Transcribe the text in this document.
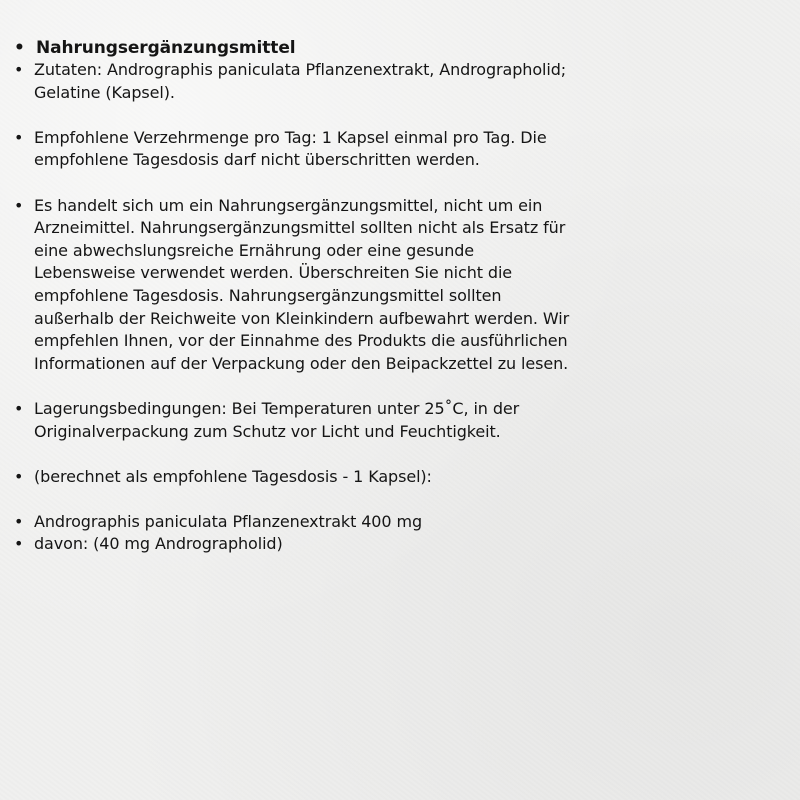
• Nahrungsergänzungsmittel
• Zutaten: Andrographis paniculata Pflanzenextrakt, Andrographolid; Gelatine (Kapsel).
• Empfohlene Verzehrmenge pro Tag: 1 Kapsel einmal pro Tag. Die empfohlene Tagesdosis darf nicht überschritten werden.
• Es handelt sich um ein Nahrungsergänzungsmittel, nicht um ein Arzneimittel. Nahrungsergänzungsmittel sollten nicht als Ersatz für eine abwechslungsreiche Ernährung oder eine gesunde Lebensweise verwendet werden. Überschreiten Sie nicht die empfohlene Tagesdosis. Nahrungsergänzungsmittel sollten außerhalb der Reichweite von Kleinkindern aufbewahrt werden. Wir empfehlen Ihnen, vor der Einnahme des Produkts die ausführlichen Informationen auf der Verpackung oder den Beipackzettel zu lesen.
• Lagerungsbedingungen: Bei Temperaturen unter 25˚C, in der Originalverpackung zum Schutz vor Licht und Feuchtigkeit.
• (berechnet als empfohlene Tagesdosis - 1 Kapsel):
• Andrographis paniculata Pflanzenextrakt 400 mg
• davon: (40 mg Andrographolid)
